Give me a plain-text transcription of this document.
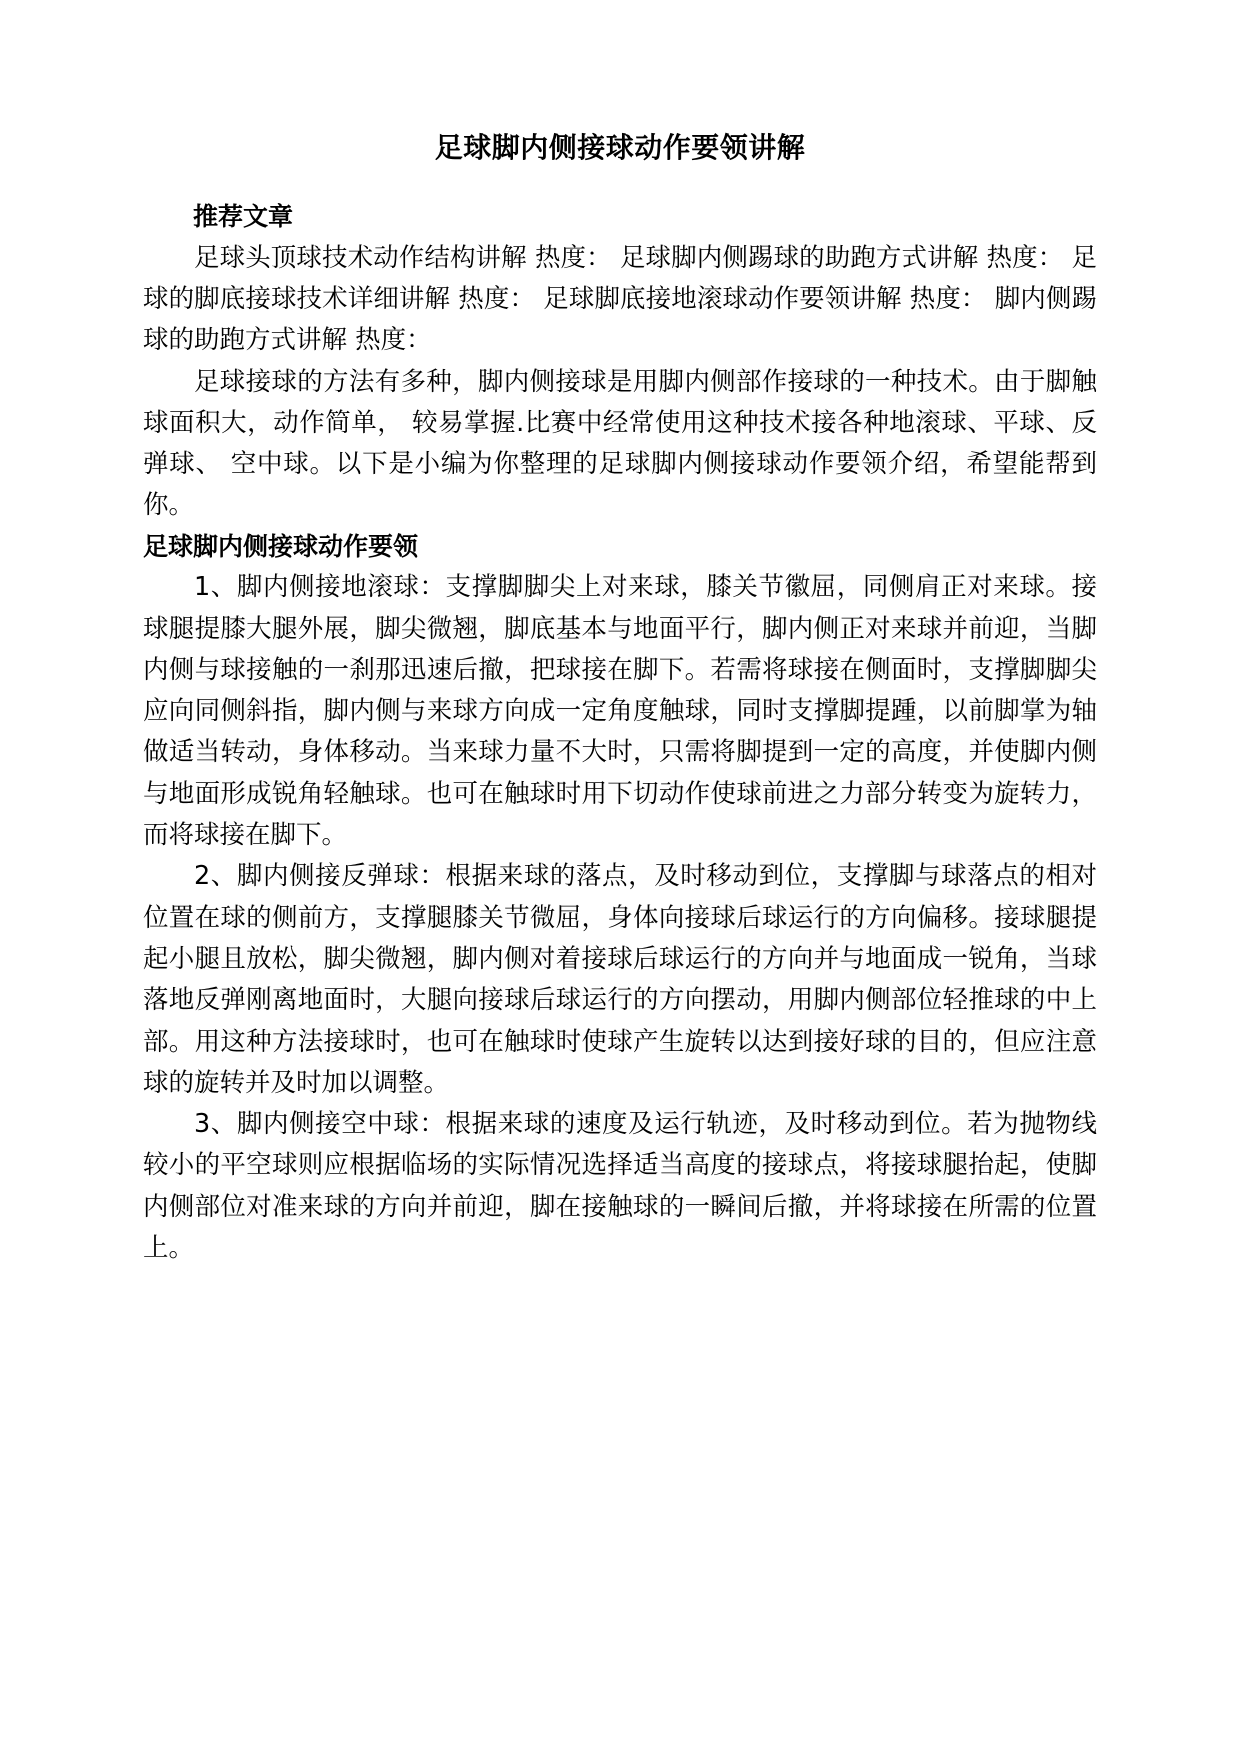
足球脚内侧接球动作要领讲解
推荐文章

足球头顶球技术动作结构讲解 热度： 足球脚内侧踢球的助跑方式讲解 热度： 足球的脚底接球技术详细讲解 热度： 足球脚底接地滚球动作要领讲解 热度： 脚内侧踢球的助跑方式讲解 热度：

足球接球的方法有多种，脚内侧接球是用脚内侧部作接球的一种技术。由于脚触球面积大，动作简单， 较易掌握.比赛中经常使用这种技术接各种地滚球、平球、反弹球、 空中球。以下是小编为你整理的足球脚内侧接球动作要领介绍，希望能帮到你。

足球脚内侧接球动作要领

1、脚内侧接地滚球：支撑脚脚尖上对来球，膝关节徽屈，同侧肩正对来球。接球腿提膝大腿外展，脚尖微翘，脚底基本与地面平行，脚内侧正对来球并前迎，当脚内侧与球接触的一刹那迅速后撤，把球接在脚下。若需将球接在侧面时，支撑脚脚尖应向同侧斜指，脚内侧与来球方向成一定角度触球，同时支撑脚提踵，以前脚掌为轴做适当转动，身体移动。当来球力量不大时，只需将脚提到一定的高度，并使脚内侧与地面形成锐角轻触球。也可在触球时用下切动作使球前进之力部分转变为旋转力，而将球接在脚下。

2、脚内侧接反弹球：根据来球的落点，及时移动到位，支撑脚与球落点的相对位置在球的侧前方，支撑腿膝关节微屈，身体向接球后球运行的方向偏移。接球腿提起小腿且放松，脚尖微翘，脚内侧对着接球后球运行的方向并与地面成一锐角，当球落地反弹刚离地面时，大腿向接球后球运行的方向摆动，用脚内侧部位轻推球的中上部。用这种方法接球时，也可在触球时使球产生旋转以达到接好球的目的，但应注意球的旋转并及时加以调整。

3、脚内侧接空中球：根据来球的速度及运行轨迹，及时移动到位。若为抛物线较小的平空球则应根据临场的实际情况选择适当高度的接球点，将接球腿抬起，使脚内侧部位对准来球的方向并前迎，脚在接触球的一瞬间后撤，并将球接在所需的位置上。
